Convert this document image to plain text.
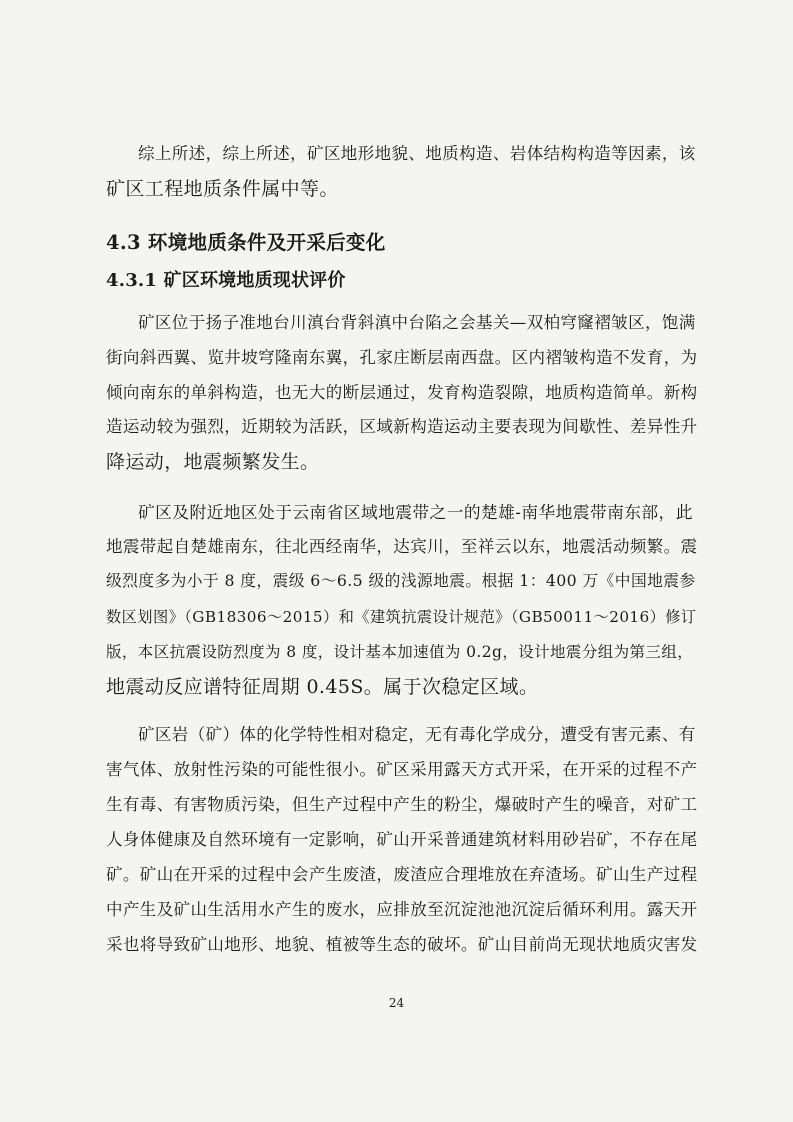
综上所述，综上所述，矿区地形地貌、地质构造、岩体结构构造等因素，该
矿区工程地质条件属中等。
4.3 环境地质条件及开采后变化
4.3.1 矿区环境地质现状评价
矿区位于扬子准地台川滇台背斜滇中台陷之会基关—双柏穹窿褶皱区，饱满
街向斜西翼、览井坡穹隆南东翼，孔家庄断层南西盘。区内褶皱构造不发育，为
倾向南东的单斜构造，也无大的断层通过，发育构造裂隙，地质构造简单。新构
造运动较为强烈，近期较为活跃，区域新构造运动主要表现为间歇性、差异性升
降运动，地震频繁发生。
矿区及附近地区处于云南省区域地震带之一的楚雄-南华地震带南东部，此
地震带起自楚雄南东，往北西经南华，达宾川，至祥云以东，地震活动频繁。震
级烈度多为小于 8 度，震级 6～6.5 级的浅源地震。根据 1：400 万《中国地震参
数区划图》（GB18306～2015）和《建筑抗震设计规范》（GB50011～2016）修订
版，本区抗震设防烈度为 8 度，设计基本加速值为 0.2g，设计地震分组为第三组，
地震动反应谱特征周期 0.45S。属于次稳定区域。
矿区岩（矿）体的化学特性相对稳定，无有毒化学成分，遭受有害元素、有
害气体、放射性污染的可能性很小。矿区采用露天方式开采，在开采的过程不产
生有毒、有害物质污染，但生产过程中产生的粉尘，爆破时产生的噪音，对矿工
人身体健康及自然环境有一定影响，矿山开采普通建筑材料用砂岩矿，不存在尾
矿。矿山在开采的过程中会产生废渣，废渣应合理堆放在弃渣场。矿山生产过程
中产生及矿山生活用水产生的废水，应排放至沉淀池池沉淀后循环利用。露天开
采也将导致矿山地形、地貌、植被等生态的破坏。矿山目前尚无现状地质灾害发
24
